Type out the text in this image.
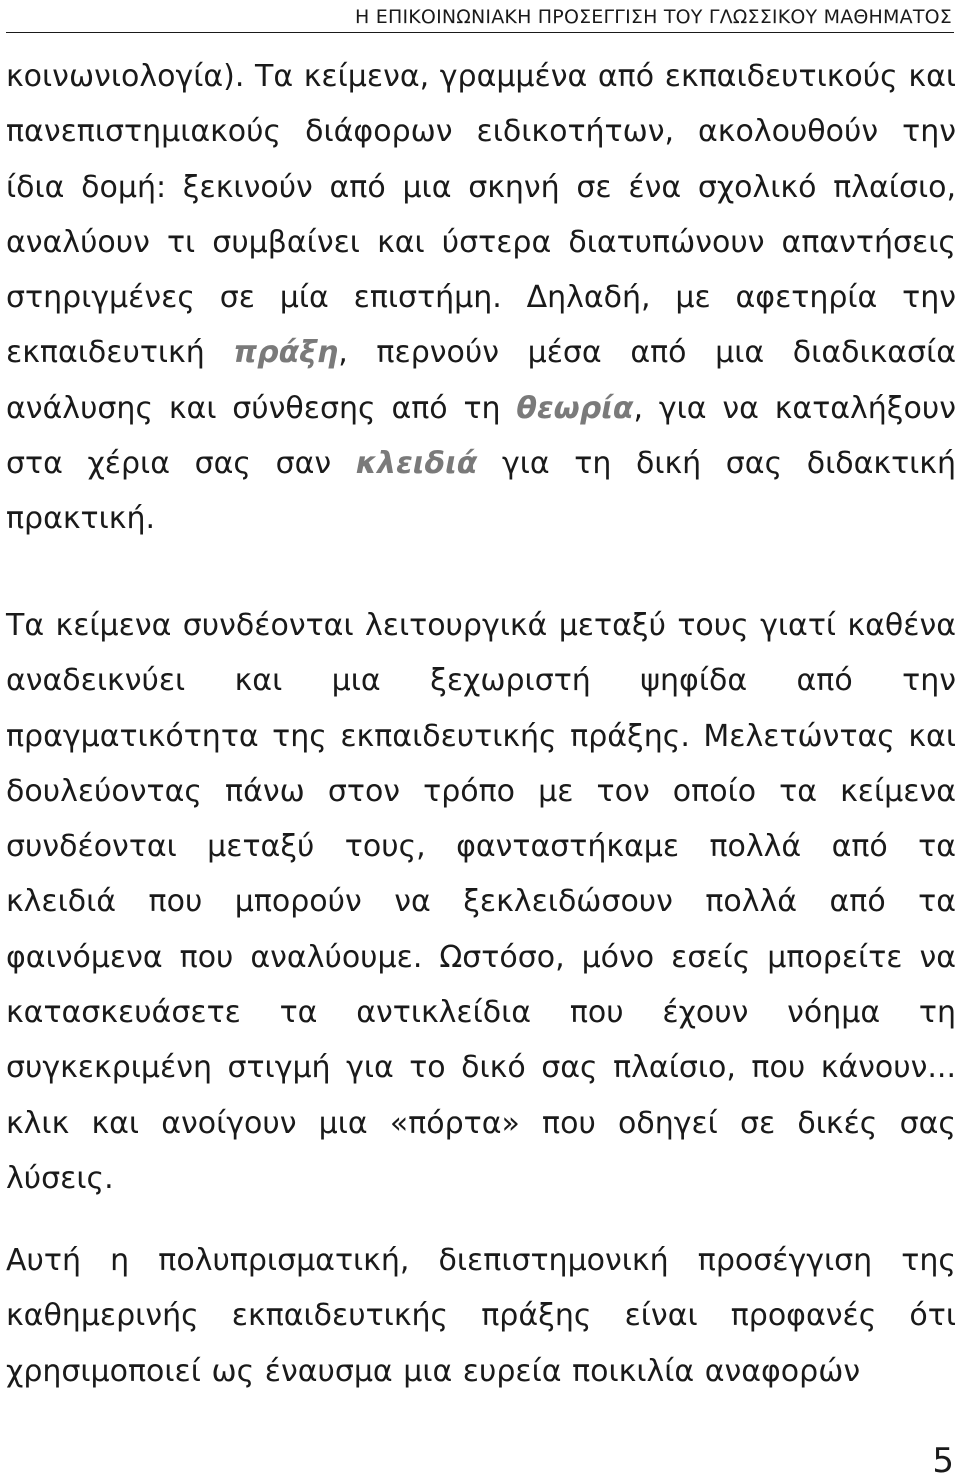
Η ΕΠΙΚΟΙΝΩΝΙΑΚΗ ΠΡΟΣΕΓΓΙΣΗ ΤΟΥ ΓΛΩΣΣΙΚΟΥ ΜΑΘΗΜΑΤΟΣ

κοινωνιολογία). Τα κείμενα, γραμμένα από εκπαιδευτικούς και πανεπιστημιακούς διάφορων ειδικοτήτων, ακολουθούν την ίδια δομή: ξεκινούν από μια σκηνή σε ένα σχολικό πλαίσιο, αναλύουν τι συμβαίνει και ύστερα διατυπώνουν απαντήσεις στηριγμένες σε μία επιστήμη. Δηλαδή, με αφετηρία την εκπαιδευτική πράξη, περνούν μέσα από μια διαδικασία ανάλυσης και σύνθεσης από τη θεωρία, για να καταλήξουν στα χέρια σας σαν κλειδιά για τη δική σας διδακτική πρακτική.

Τα κείμενα συνδέονται λειτουργικά μεταξύ τους γιατί καθένα αναδεικνύει και μια ξεχωριστή ψηφίδα από την πραγματικότητα της εκπαιδευτικής πράξης. Μελετώντας και δουλεύοντας πάνω στον τρόπο με τον οποίο τα κείμενα συνδέονται μεταξύ τους, φανταστήκαμε πολλά από τα κλειδιά που μπορούν να ξεκλειδώσουν πολλά από τα φαινόμενα που αναλύουμε. Ωστόσο, μόνο εσείς μπορείτε να κατασκευάσετε τα αντικλείδια που έχουν νόημα τη συγκεκριμένη στιγμή για το δικό σας πλαίσιο, που κάνουν... κλικ και ανοίγουν μια «πόρτα» που οδηγεί σε δικές σας λύσεις.

Αυτή η πολυπρισματική, διεπιστημονική προσέγγιση της καθημερινής εκπαιδευτικής πράξης είναι προφανές ότι χρησιμοποιεί ως έναυσμα μια ευρεία ποικιλία αναφορών

5
